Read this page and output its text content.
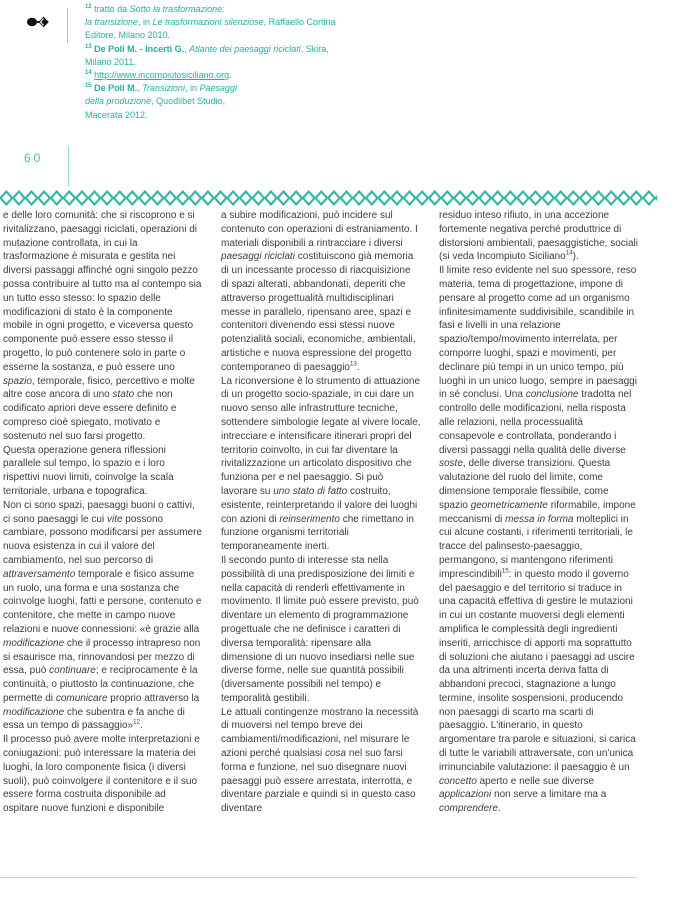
$^{12}$ tratto da Sotto la trasformazione:
la transizione, in Le trasformazioni silenziose, Raffaello Cortina
Editore, Milano 2010.

$^{13}$ De Poli M. - Incerti G., Atlante dei paesaggi riciclati, Skira,
Milano 2011.

$^{14}$ http://www.incompiutosiciliano.org.

$^{15}$ De Poli M., Transizioni, in Paesaggi
della produzione, Quodlibet Studio,
Macerata 2012.

60

e delle loro comunità: che si riscoprono e si rivitalizzano, paesaggi riciclati, operazioni di mutazione controllata, in cui la trasformazione è misurata e gestita nei diversi passaggi affinché ogni singolo pezzo possa contribuire al tutto ma al contempo sia un tutto esso stesso: lo spazio delle modificazioni di stato è la componente mobile in ogni progetto, e viceversa questo componente può essere esso stesso il progetto, lo può contenere solo in parte o esserne la sostanza, e può essere uno spazio, temporale, fisico, percettivo e molte altre cose ancora di uno stato che non codificato apriori deve essere definito e compreso cioè spiegato, motivato e sostenuto nel suo farsi progetto.

Questa operazione genera riflessioni parallele sul tempo, lo spazio e i loro rispettivi nuovi limiti, coinvolge la scala territoriale, urbana e topografica.

Non ci sono spazi, paesaggi buoni o cattivi, ci sono paesaggi le cui vite possono cambiare, possono modificarsi per assumere nuova esistenza in cui il valore del cambiamento, nel suo percorso di attraversamento temporale e fisico assume un ruolo, una forma e una sostanza che coinvolge luoghi, fatti e persone, contenuto e contenitore, che mette in campo nuove relazioni e nuove connessioni: «è grazie alla modificazione che il processo intrapreso non si esaurisce ma, rinnovandosi per mezzo di essa, può continuare; e reciprocamente è la continuità, o piuttosto la continuazione, che permette di comunicare proprio attraverso la modificazione che subentra e fa anche di essa un tempo di passaggio»$^{12}$.

Il processo può avere molte interpretazioni e coniugazioni: può interessare la materia dei luoghi, la loro componente fisica (i diversi suoli), può coinvolgere il contenitore e il suo essere forma costruita disponibile ad ospitare nuove funzioni e disponibile

a subire modificazioni, può incidere sul contenuto con operazioni di estraniamento. I materiali disponibili a rintracciare i diversi paesaggi riciclati costituiscono già memoria di un incessante processo di riacquisizione di spazi alterati, abbandonati, deperiti che attraverso progettualità multidisciplinari messe in parallelo, ripensano aree, spazi e contenitori divenendo essi stessi nuove potenzialità sociali, economiche, ambientali, artistiche e nuova espressione del progetto contemporaneo di paesaggio$^{13}$.

La riconversione è lo strumento di attuazione di un progetto socio-spaziale, in cui dare un nuovo senso alle infrastrutture tecniche, sottendere simbologie legate al vivere locale, intrecciare e intensificare itinerari propri del territorio coinvolto, in cui far diventare la rivitalizzazione un articolato dispositivo che funziona per e nel paesaggio. Si può lavorare su uno stato di fatto costruito, esistente, reinterpretando il valore dei luoghi con azioni di reinserimento che rimettano in funzione organismi territoriali temporaneamente inerti.

Il secondo punto di interesse sta nella possibilità di una predisposizione dei limiti e nella capacità di renderli effettivamente in movimento. Il limite può essere previsto, può diventare un elemento di programmazione progettuale che ne definisce i caratteri di diversa temporalità: ripensare alla dimensione di un nuovo insediarsi nelle sue diverse forme, nelle sue quantità possibili (diversamente possibili nel tempo) e temporalità gestibili.

Le attuali contingenze mostrano la necessità di muoversi nel tempo breve dei cambiamenti/modificazioni, nel misurare le azioni perché qualsiasi cosa nel suo farsi forma e funzione, nel suo disegnare nuovi paesaggi può essere arrestata, interrotta, e diventare parziale e quindi sì in questo caso diventare

residuo inteso rifiuto, in una accezione fortemente negativa perché produttrice di distorsioni ambientali, paesaggistiche, sociali (si veda Incompiuto Siciliano$^{14}$).

Il limite reso evidente nel suo spessore, reso materia, tema di progettazione, impone di pensare al progetto come ad un organismo infinitesimamente suddivisibile, scandibile in fasi e livelli in una relazione spazio/tempo/movimento interrelata, per comporre luoghi, spazi e movimenti, per declinare più tempi in un unico tempo, più luoghi in un unico luogo, sempre in paesaggi in sé conclusi. Una conclusione tradotta nel controllo delle modificazioni, nella risposta alle relazioni, nella processualità consapevole e controllata, ponderando i diversi passaggi nella qualità delle diverse soste, delle diverse transizioni. Questa valutazione del ruolo del limite, come dimensione temporale flessibile, come spazio geometricamente riformabile, impone meccanismi di messa in forma molteplici in cui alcune costanti, i riferimenti territoriali, le tracce del palinsesto-paesaggio, permangono, si mantengono riferimenti imprescindibili$^{15}$: in questo modo il governo del paesaggio e del territorio si traduce in una capacità effettiva di gestire le mutazioni in cui un costante muoversi degli elementi amplifica le complessità degli ingredienti inseriti, arricchisce di apporti ma soprattutto di soluzioni che aiutano i paesaggi ad uscire da una altrimenti incerta deriva fatta di abbandoni precoci, stagnazione a lungo termine, insolite sospensioni, producendo non paesaggi di scarto ma scarti di paesaggio. L'itinerario, in questo argomentare tra parole e situazioni, si carica di tutte le variabili attraversate, con un'unica irrinunciabile valutazione: il paesaggio è un concetto aperto e nelle sue diverse applicazioni non serve a limitare ma a comprendere.
